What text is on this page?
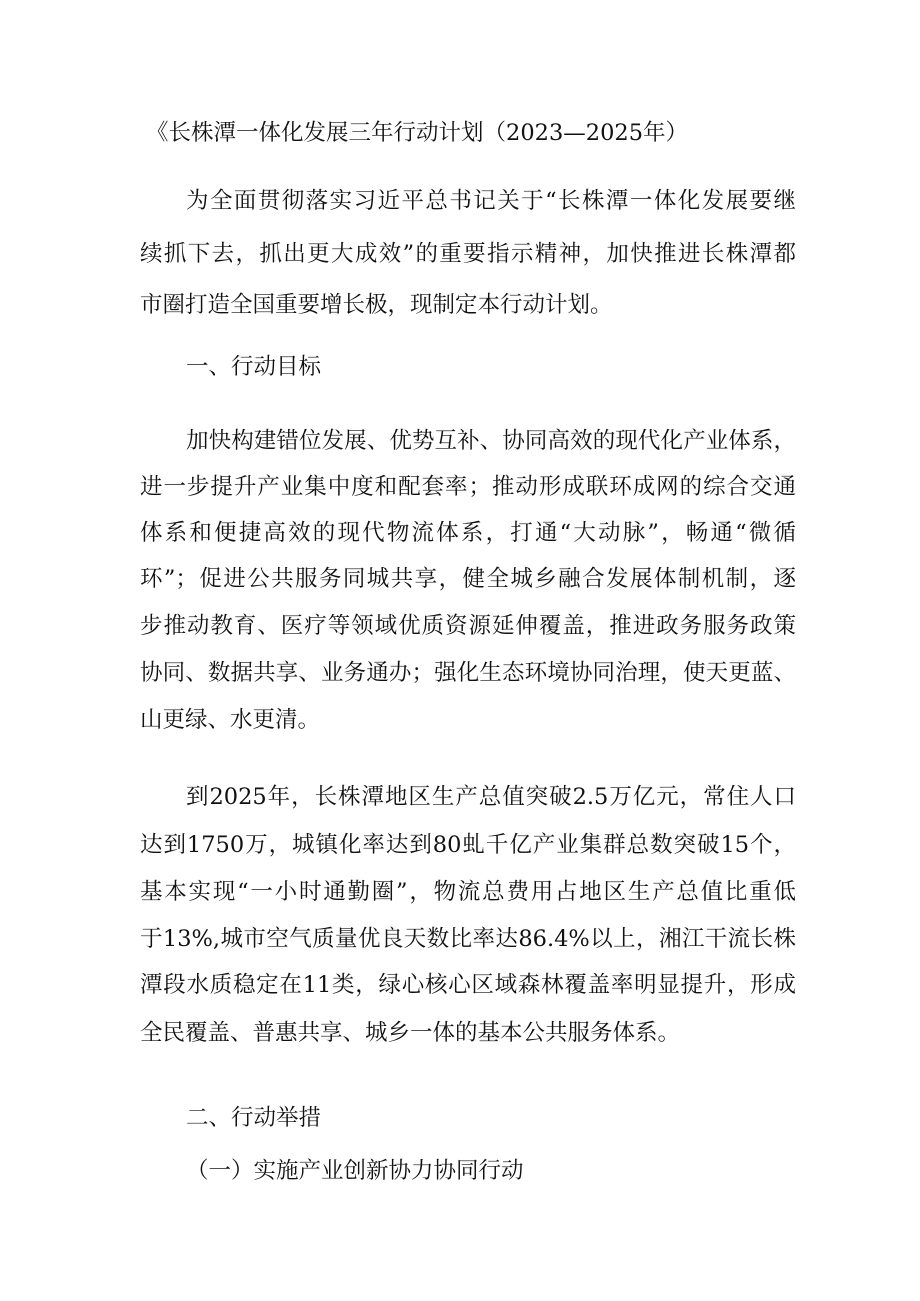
《长株潭一体化发展三年行动计划（2023—2025年）

为全面贯彻落实习近平总书记关于“长株潭一体化发展要继

续抓下去，抓出更大成效”的重要指示精神，加快推进长株潭都

市圈打造全国重要增长极，现制定本行动计划。

一、行动目标

加快构建错位发展、优势互补、协同高效的现代化产业体系，

进一步提升产业集中度和配套率；推动形成联环成网的综合交通

体系和便捷高效的现代物流体系，打通“大动脉”，畅通“微循

环”；促进公共服务同城共享，健全城乡融合发展体制机制，逐

步推动教育、医疗等领域优质资源延伸覆盖，推进政务服务政策

协同、数据共享、业务通办；强化生态环境协同治理，使天更蓝、

山更绿、水更清。

到2025年，长株潭地区生产总值突破2.5万亿元，常住人口

达到1750万，城镇化率达到80虬千亿产业集群总数突破15个，

基本实现“一小时通勤圈”，物流总费用占地区生产总值比重低

于13%,城市空气质量优良天数比率达86.4%以上，湘江干流长株

潭段水质稳定在11类，绿心核心区域森林覆盖率明显提升，形成

全民覆盖、普惠共享、城乡一体的基本公共服务体系。

二、行动举措

（一）实施产业创新协力协同行动
